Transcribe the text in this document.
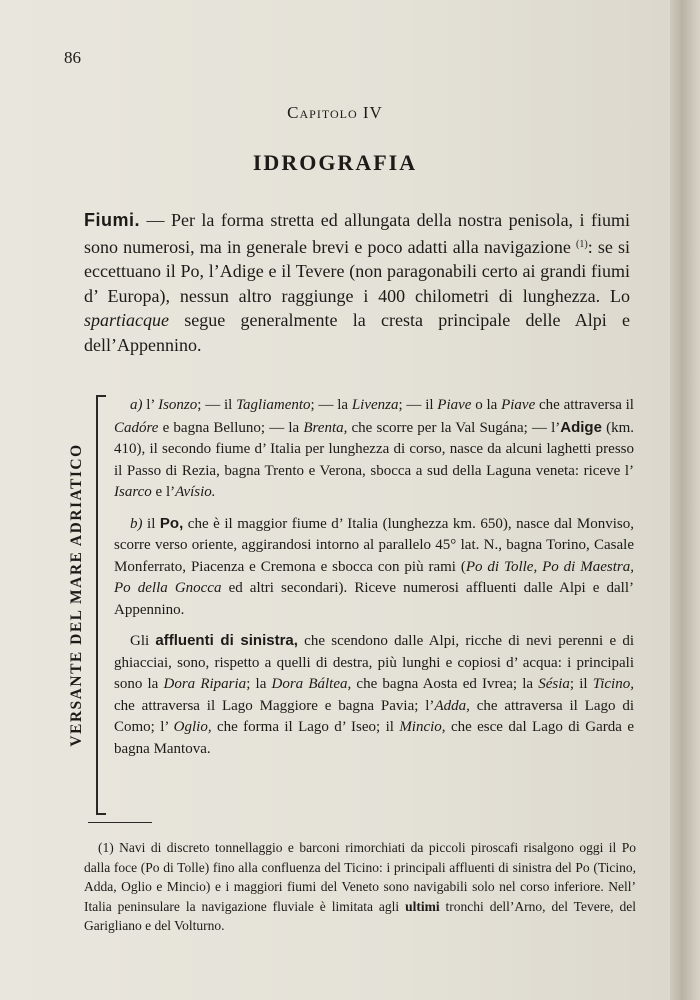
86
Capitolo IV
IDROGRAFIA

Fiumi. — Per la forma stretta ed allungata della nostra penisola, i fiumi sono numerosi, ma in generale brevi e poco adatti alla navigazione $^{(1)}$: se si eccettuano il Po, l’Adige e il Tevere (non paragonabili certo ai grandi fiumi d’ Europa), nessun altro raggiunge i 400 chilometri di lunghezza. Lo spartiacque segue generalmente la cresta principale delle Alpi e dell’Appennino.

VERSANTE DEL MARE ADRIATICO

a) l’ Isonzo; — il Tagliamento; — la Livenza; — il Piave o la Piave che attraversa il Cadóre e bagna Belluno; — la Brenta, che scorre per la Val Sugána; — l’Adige (km. 410), il secondo fiume d’ Italia per lunghezza di corso, nasce da alcuni laghetti presso il Passo di Rezia, bagna Trento e Verona, sbocca a sud della Laguna veneta: riceve l’ Isarco e l’Avísio.

b) il Po, che è il maggior fiume d’ Italia (lunghezza km. 650), nasce dal Monviso, scorre verso oriente, aggirandosi intorno al parallelo 45° lat. N., bagna Torino, Casale Monferrato, Piacenza e Cremona e sbocca con più rami (Po di Tolle, Po di Maestra, Po della Gnocca ed altri secondari). Riceve numerosi affluenti dalle Alpi e dall’ Appennino.

Gli affluenti di sinistra, che scendono dalle Alpi, ricche di nevi perenni e di ghiacciai, sono, rispetto a quelli di destra, più lunghi e copiosi d’ acqua: i principali sono la Dora Riparia; la Dora Báltea, che bagna Aosta ed Ivrea; la Sésia; il Ticino, che attraversa il Lago Maggiore e bagna Pavia; l’Adda, che attraversa il Lago di Como; l’ Oglio, che forma il Lago d’ Iseo; il Mincio, che esce dal Lago di Garda e bagna Mantova.

(1) Navi di discreto tonnellaggio e barconi rimorchiati da piccoli piroscafi risalgono oggi il Po dalla foce (Po di Tolle) fino alla confluenza del Ticino: i principali affluenti di sinistra del Po (Ticino, Adda, Oglio e Mincio) e i maggiori fiumi del Veneto sono navigabili solo nel corso inferiore. Nell’ Italia peninsulare la navigazione fluviale è limitata agli ultimi tronchi dell’Arno, del Tevere, del Garigliano e del Volturno.
